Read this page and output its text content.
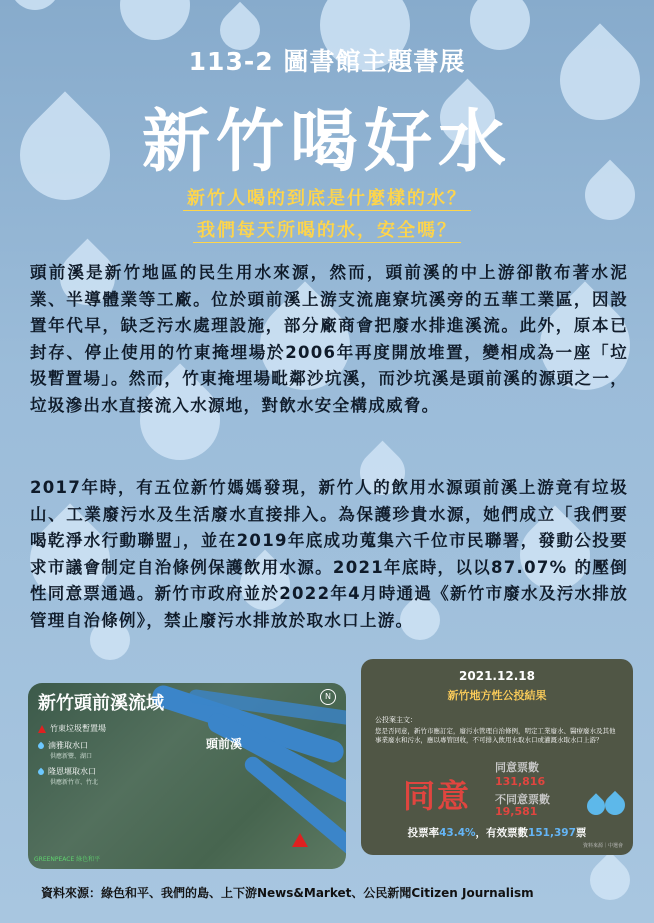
113-2 圖書館主題書展
新竹喝好水
新竹人喝的到底是什麼樣的水？
我們每天所喝的水，安全嗎？
頭前溪是新竹地區的民生用水來源，然而，頭前溪的中上游卻散布著水泥業、半導體業等工廠。位於頭前溪上游支流鹿寮坑溪旁的五華工業區，因設置年代早，缺乏污水處理設施，部分廠商會把廢水排進溪流。此外，原本已封存、停止使用的竹東掩埋場於2006年再度開放堆置，變相成為一座「垃圾暫置場」。然而，竹東掩埋場毗鄰沙坑溪，而沙坑溪是頭前溪的源頭之一，垃圾滲出水直接流入水源地，對飲水安全構成威脅。
2017年時，有五位新竹媽媽發現，新竹人的飲用水源頭前溪上游竟有垃圾山、工業廢污水及生活廢水直接排入。為保護珍貴水源，她們成立「我們要喝乾淨水行動聯盟」，並在2019年底成功蒐集六千位市民聯署，發動公投要求市議會制定自治條例保護飲用水源。2021年底時，以以87.07% 的壓倒性同意票通過。新竹市政府並於2022年4月時通過《新竹市廢水及污水排放管理自治條例》，禁止廢污水排放於取水口上游。
新竹頭前溪流域	N
頭前溪
竹東垃圾暫置場
湳雅取水口
供應新豐、湖口
隆恩堰取水口
供應新竹市、竹北
GREENPEACE 綠色和平
2021.12.18
新竹地方性公投結果
公投案主文：
您是否同意，新竹市應訂定，廢污水管理自治條例，明定工業廢水、醫療廢水及其他事業廢水和污水，應以專管回收，不可排入飲用水取水口或灌溉水取水口上游？
同意
同意票數
131,816
不同意票數
19,581
投票率43.4%，有效票數151,397票
資料來源｜中選會
資料來源：綠色和平、我們的島、上下游News&Market、公民新聞Citizen Journalism
